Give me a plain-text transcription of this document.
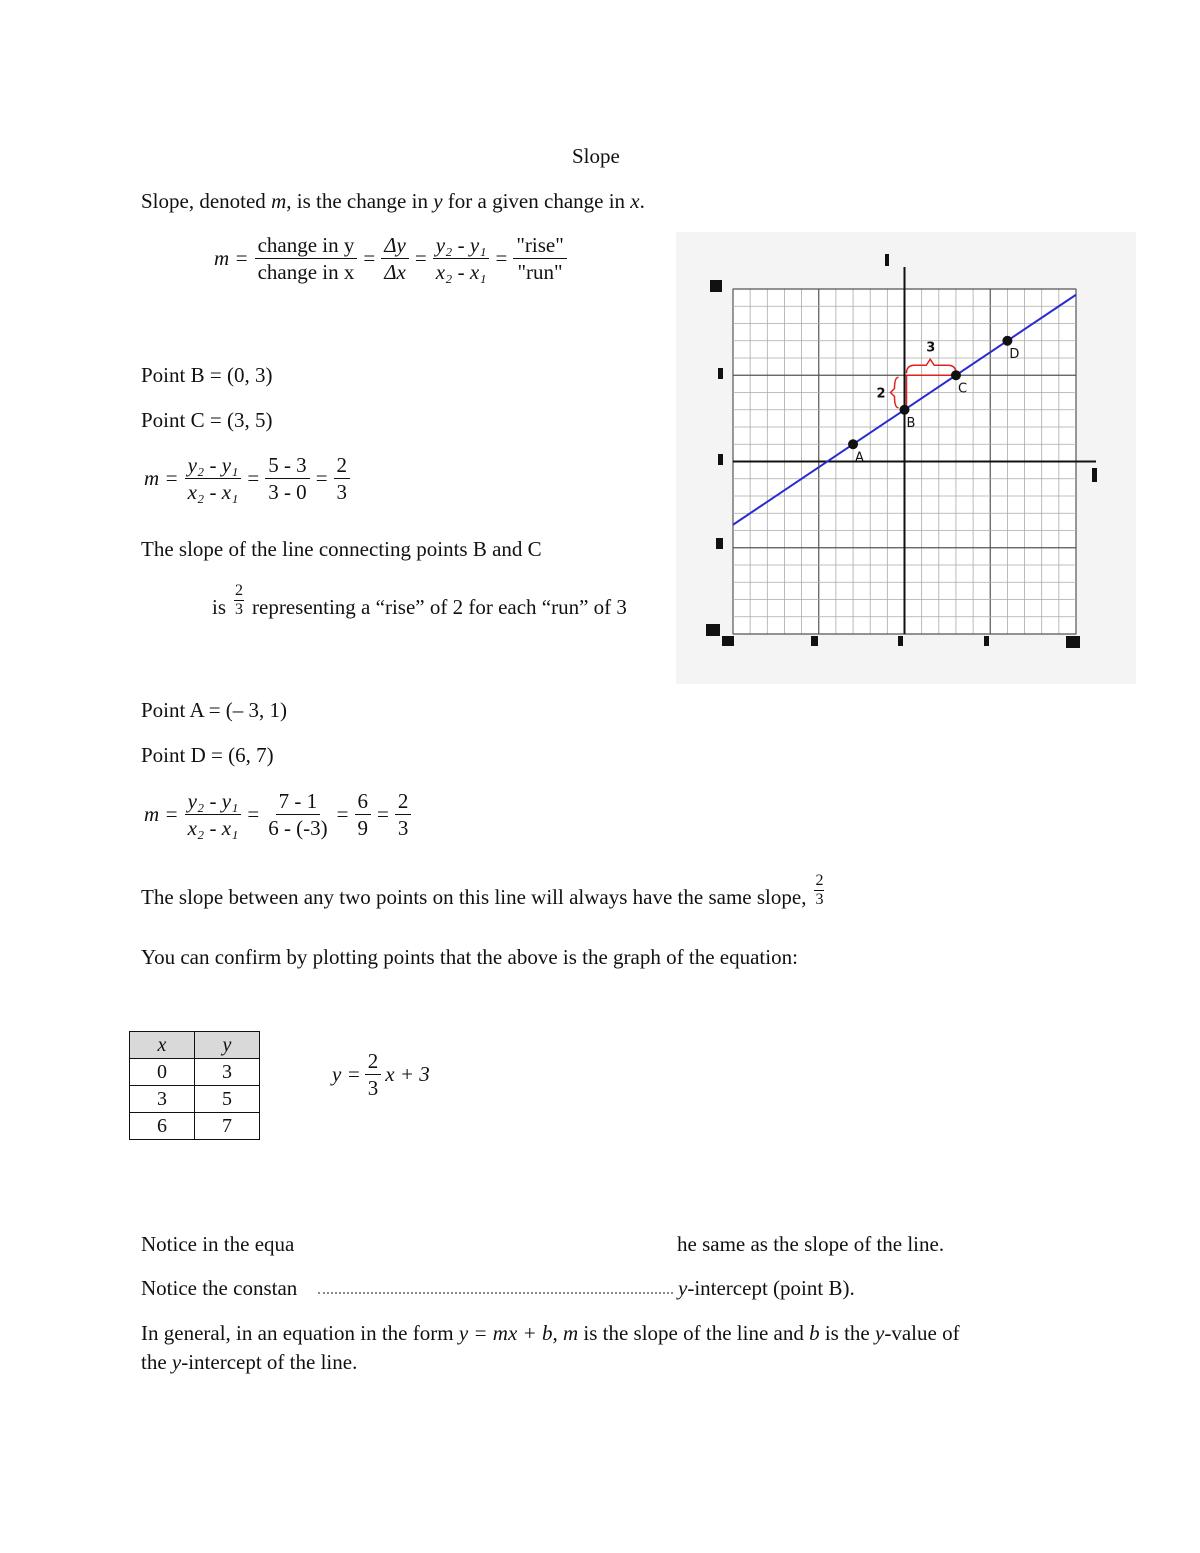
Slope
Slope, denoted m, is the change in y for a given change in x.
$m = \frac{\text{change in y}}{\text{change in x}} = \frac{\Delta y}{\Delta x} = \frac{\text{y₂ - y₁}}{\text{x₂ - x₁}} = \frac{\text{"rise"}}{\text{"run"}}$
Point B = (0, 3)
Point C = (3, 5)
$m = \frac{\text{y₂ - y₁}}{\text{x₂ - x₁}} = \frac{5 - 3}{3 - 0} = \frac{2}{3}$
The slope of the line connecting points B and C
is $\frac{2}{3}$ representing a “rise” of 2 for each “run” of 3
Point A = (– 3, 1)
Point D = (6, 7)
$m = \frac{\text{y₂ - y₁}}{\text{x₂ - x₁}} = \frac{7 - 1}{6 - (-3)} = \frac{6}{9} = \frac{2}{3}$
The slope between any two points on this line will always have the same slope, $\frac{2}{3}$
You can confirm by plotting points that the above is the graph of the equation:
x	y
0	3
3	5
6	7
$y = \frac{2}{3}$ x + 3
Notice in the equa	he same as the slope of the line.
Notice the constan	y-intercept (point B).
In general, in an equation in the form y = mx + b, m is the slope of the line and b is the y-value of
the y-intercept of the line.
2
3
A
B
C
D
